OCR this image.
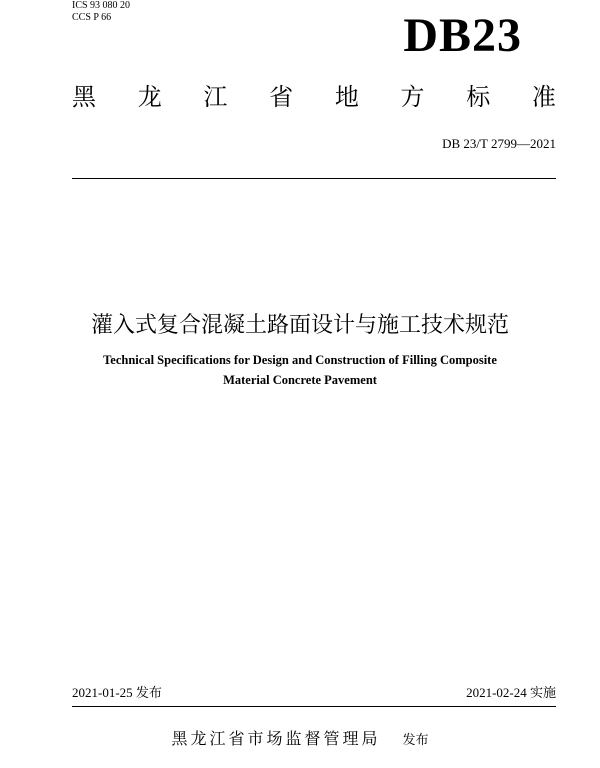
ICS 93 080 20
CCS P 66	DB23
黑 龙 江 省 地 方 标 准
DB 23/T 2799—2021
灌入式复合混凝土路面设计与施工技术规范
Technical Specifications for Design and Construction of Filling Composite
Material Concrete Pavement
2021-01-25 发布	2021-02-24 实施
黑龙江省市场监督管理局 发布
